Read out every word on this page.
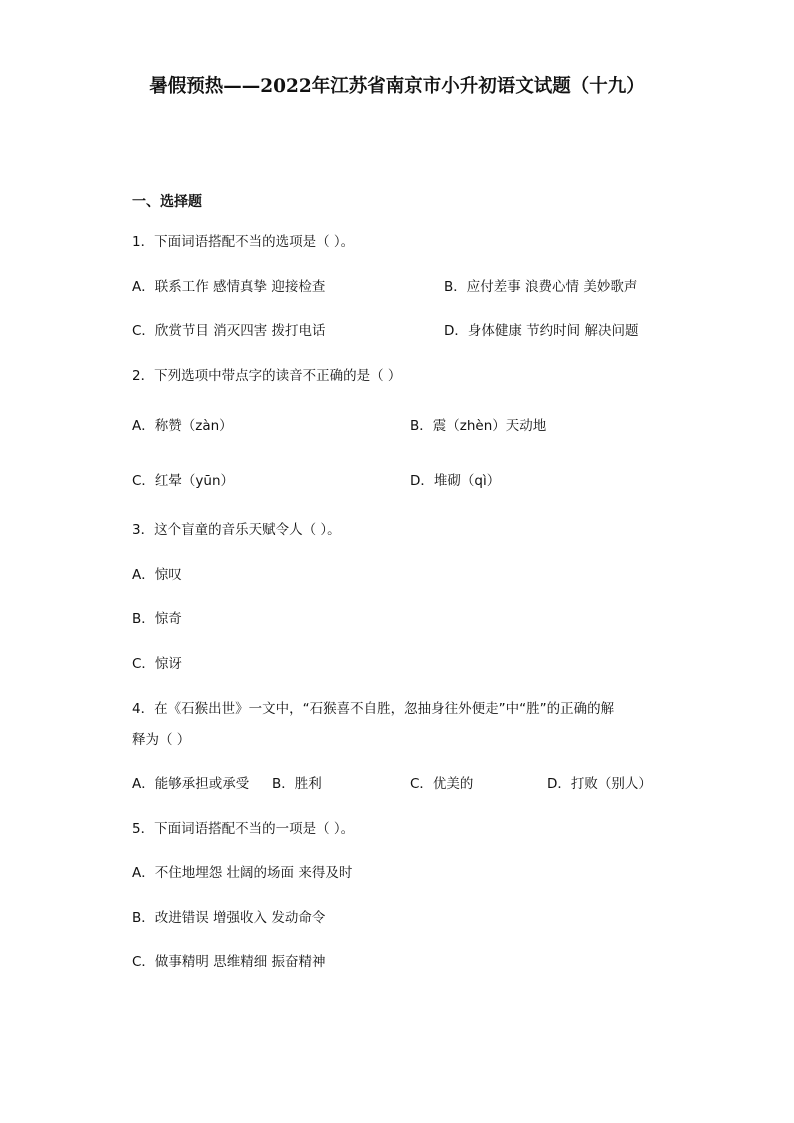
暑假预热——2022年江苏省南京市小升初语文试题（十九）
一、选择题
1．下面词语搭配不当的选项是（ ）。
A．联系工作 感情真挚 迎接检查	B．应付差事 浪费心情 美妙歌声
C．欣赏节目 消灭四害 拨打电话	D．身体健康 节约时间 解决问题
2．下列选项中带点字的读音不正确的是（ ）
A．称赞（zàn）	B．震（zhèn）天动地
C．红晕（yūn）	D．堆砌（qì）
3．这个盲童的音乐天赋令人（ ）。
A．惊叹
B．惊奇
C．惊讶
4．在《石猴出世》一文中，“石猴喜不自胜，忽抽身往外便走”中“胜”的正确的解
释为（ ）
A．能够承担或承受 B．胜利	C．优美的	D．打败（别人）
5．下面词语搭配不当的一项是（ ）。
A．不住地埋怨 壮阔的场面 来得及时
B．改进错误 增强收入 发动命令
C．做事精明 思维精细 振奋精神
